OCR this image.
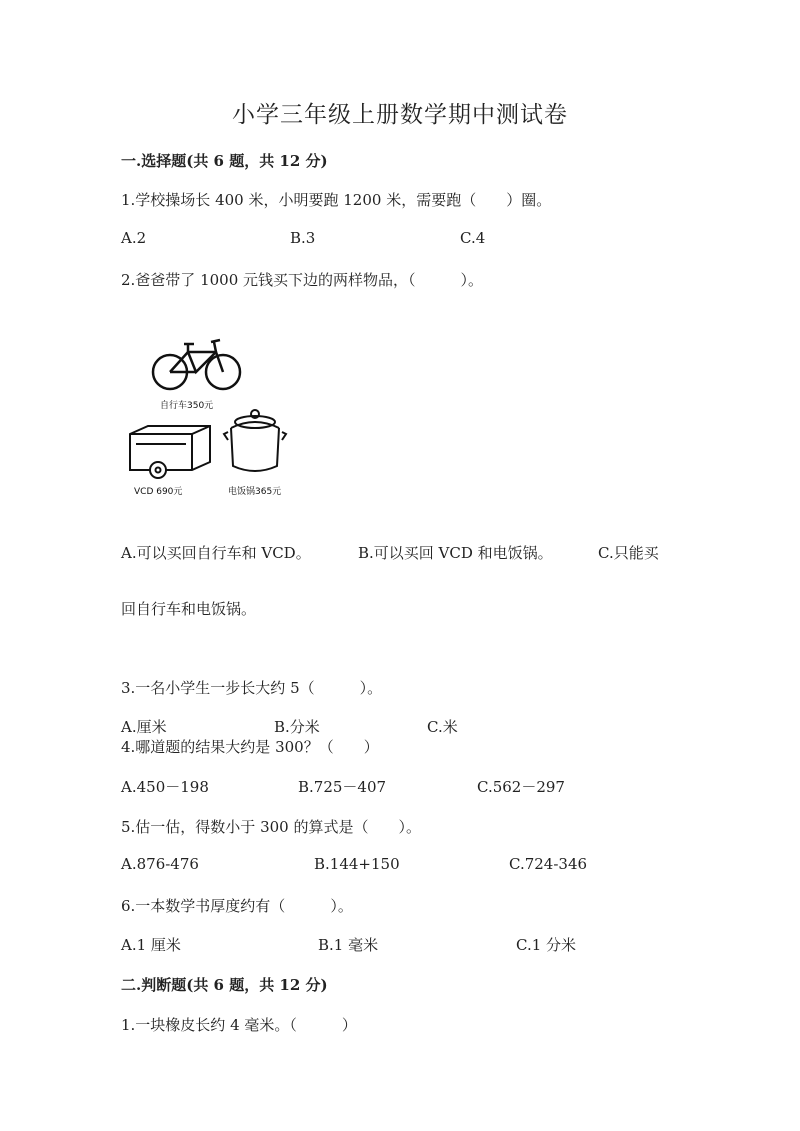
小学三年级上册数学期中测试卷
一.选择题(共 6 题，共 12 分)
1.学校操场长 400 米，小明要跑 1200 米，需要跑（　　）圈。
A.2	B.3	C.4
2.爸爸带了 1000 元钱买下边的两样物品，（　　　）。
自行车350元
VCD 690元	电饭锅365元
A.可以买回自行车和 VCD。	B.可以买回 VCD 和电饭锅。	C.只能买
回自行车和电饭锅。
3.一名小学生一步长大约 5（　　　）。
A.厘米	B.分米	C.米
4.哪道题的结果大约是 300？（　　）
A.450－198	B.725－407	C.562－297
5.估一估，得数小于 300 的算式是（　　）。
A.876-476	B.144+150	C.724-346
6.一本数学书厚度约有（　　　）。
A.1 厘米	B.1 毫米	C.1 分米
二.判断题(共 6 题，共 12 分)
1.一块橡皮长约 4 毫米。（　　　）
